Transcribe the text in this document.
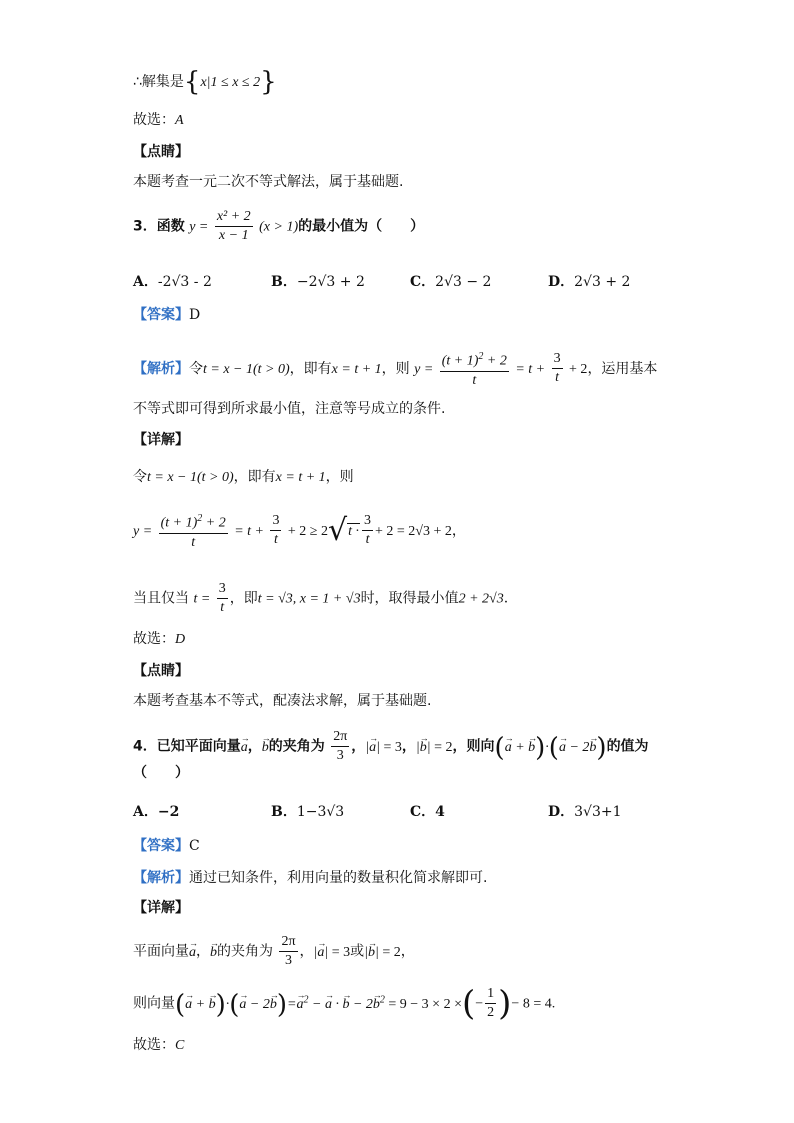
∴解集是{x|1 ≤ x ≤ 2}
故选：A
【点睛】
本题考查一元二次不等式解法，属于基础题.
3．函数 $y = \frac{\text{x² + 2}}{x - 1} (x > 1)$的最小值为（　　）
A．-2√3 - 2	B．−2√3 + 2	C．2√3 − 2	D．2√3 + 2
【答案】D
【解析】令t = x − 1(t > 0)，即有x = t + 1，则 $y = \frac{(t + 1)^2 + 2}{t} = t + \frac{3}{t} + 2$，运用基本
不等式即可得到所求最小值，注意等号成立的条件.
【详解】
令t = x − 1(t > 0)，即有x = t + 1，则
$y = \frac{(t + 1)^2 + 2}{t} = t + \frac{3}{t} + 2 \ge 2√t \cdot \frac{3}{t} + 2 = 2√3 + 2$，
当且仅当 $t = \frac{3}{t}$ ，即t = √3, x = 1 + √3时，取得最小值2 + 2√3.
故选：D
【点睛】
本题考查基本不等式，配凑法求解，属于基础题.
4．已知平面向量→ a，→ b的夹角为 $\frac{2\pi}{3}$ ，|→ a| = 3，|→ b| = 2，则向(→ a + → b)·(→ a − 2→ b)的值为
（　　）
A．−2	B．1−3√3	C．4	D．3√3+1
【答案】C
【解析】通过已知条件，利用向量的数量积化简求解即可.
【详解】
平面向量→ a，→ b的夹角为 $\frac{2\pi}{3}$ ，|→ a| = 3或|→ b| = 2，
则向量(→ a + → $b)\cdot(\to a - 2\to b)=\to a^2$ − → a · → $b - 2\to b^2 = 9 - 3 \times 2$ ×(− $\frac{1}{2}$ )− 8 = 4.
故选：C
